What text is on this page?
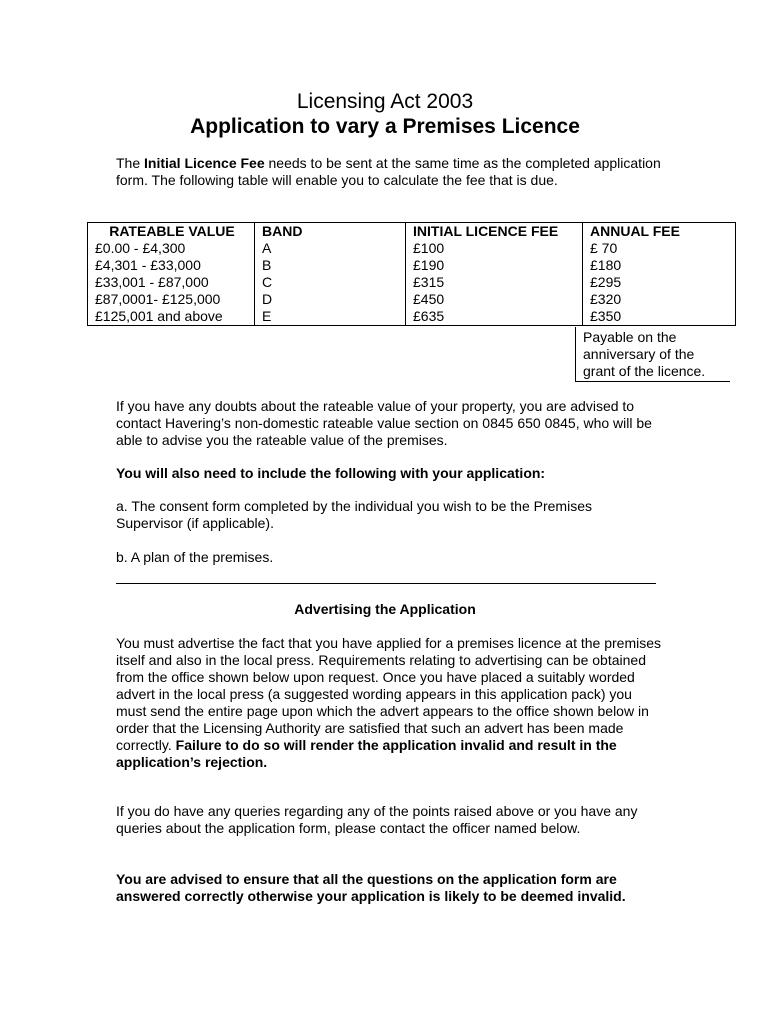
Licensing Act 2003
Application to vary a Premises Licence
The Initial Licence Fee needs to be sent at the same time as the completed application form. The following table will enable you to calculate the fee that is due.
RATEABLE VALUE	BAND	INITIAL LICENCE FEE	ANNUAL FEE
£0.00 - £4,300	A	£100	£ 70
£4,301 - £33,000	B	£190	£180
£33,001 - £87,000	C	£315	£295
£87,0001- £125,000	D	£450	£320
£125,001 and above	E	£635	£350
Payable on the anniversary of the grant of the licence.
If you have any doubts about the rateable value of your property, you are advised to contact Havering’s non-domestic rateable value section on 0845 650 0845, who will be able to advise you the rateable value of the premises.
You will also need to include the following with your application:
a. The consent form completed by the individual you wish to be the Premises Supervisor (if applicable).
b. A plan of the premises.
Advertising the Application
You must advertise the fact that you have applied for a premises licence at the premises itself and also in the local press. Requirements relating to advertising can be obtained from the office shown below upon request. Once you have placed a suitably worded advert in the local press (a suggested wording appears in this application pack) you must send the entire page upon which the advert appears to the office shown below in order that the Licensing Authority are satisfied that such an advert has been made correctly. Failure to do so will render the application invalid and result in the application’s rejection.
If you do have any queries regarding any of the points raised above or you have any queries about the application form, please contact the officer named below.
You are advised to ensure that all the questions on the application form are answered correctly otherwise your application is likely to be deemed invalid.
